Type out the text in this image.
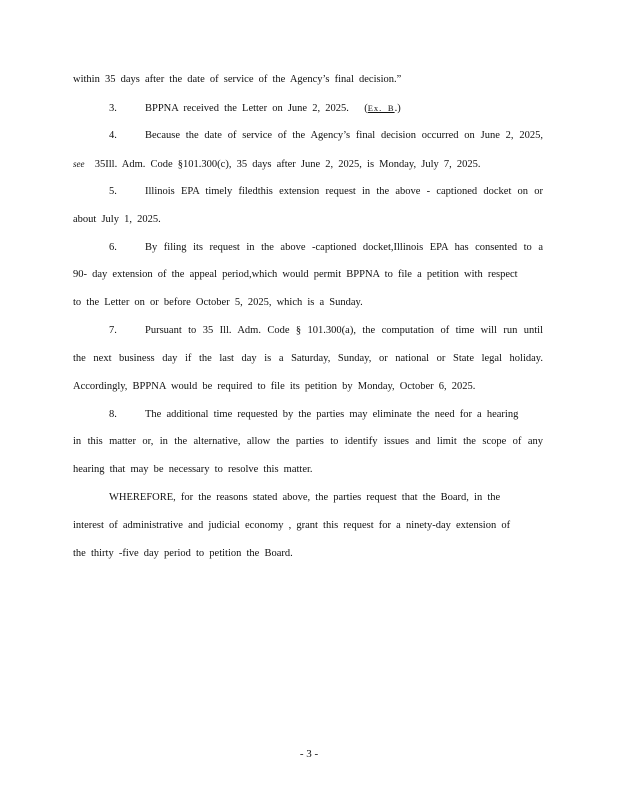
within 35 days after the date of service of the Agency’s final decision.”
3.	BPPNA received the Letter on June 2, 2025. (Ex. B.)
4.	Because the date of service of the Agency’s final decision occurred on June 2, 2025,
see 35Ill. Adm. Code §101.300(c), 35 days after June 2, 2025, is Monday, July 7, 2025.
5.	Illinois EPA timely filedthis extension request in the above - captioned docket on or
about July 1, 2025.
6.	By filing its request in the above -captioned docket,Illinois EPA has consented to a
90- day extension of the appeal period,which would permit BPPNA to file a petition with respect
to the Letter on or before October 5, 2025, which is a Sunday.
7.	Pursuant to 35 Ill. Adm. Code § 101.300(a), the computation of time will run until
the next business day if the last day is a Saturday, Sunday, or national or State legal holiday.
Accordingly, BPPNA would be required to file its petition by Monday, October 6, 2025.
8.	The additional time requested by the parties may eliminate the need for a hearing
in this matter or, in the alternative, allow the parties to identify issues and limit the scope of any
hearing that may be necessary to resolve this matter.
WHEREFORE, for the reasons stated above, the parties request that the Board, in the
interest of administrative and judicial economy , grant this request for a ninety-day extension of
the thirty -five day period to petition the Board.
- 3 -
